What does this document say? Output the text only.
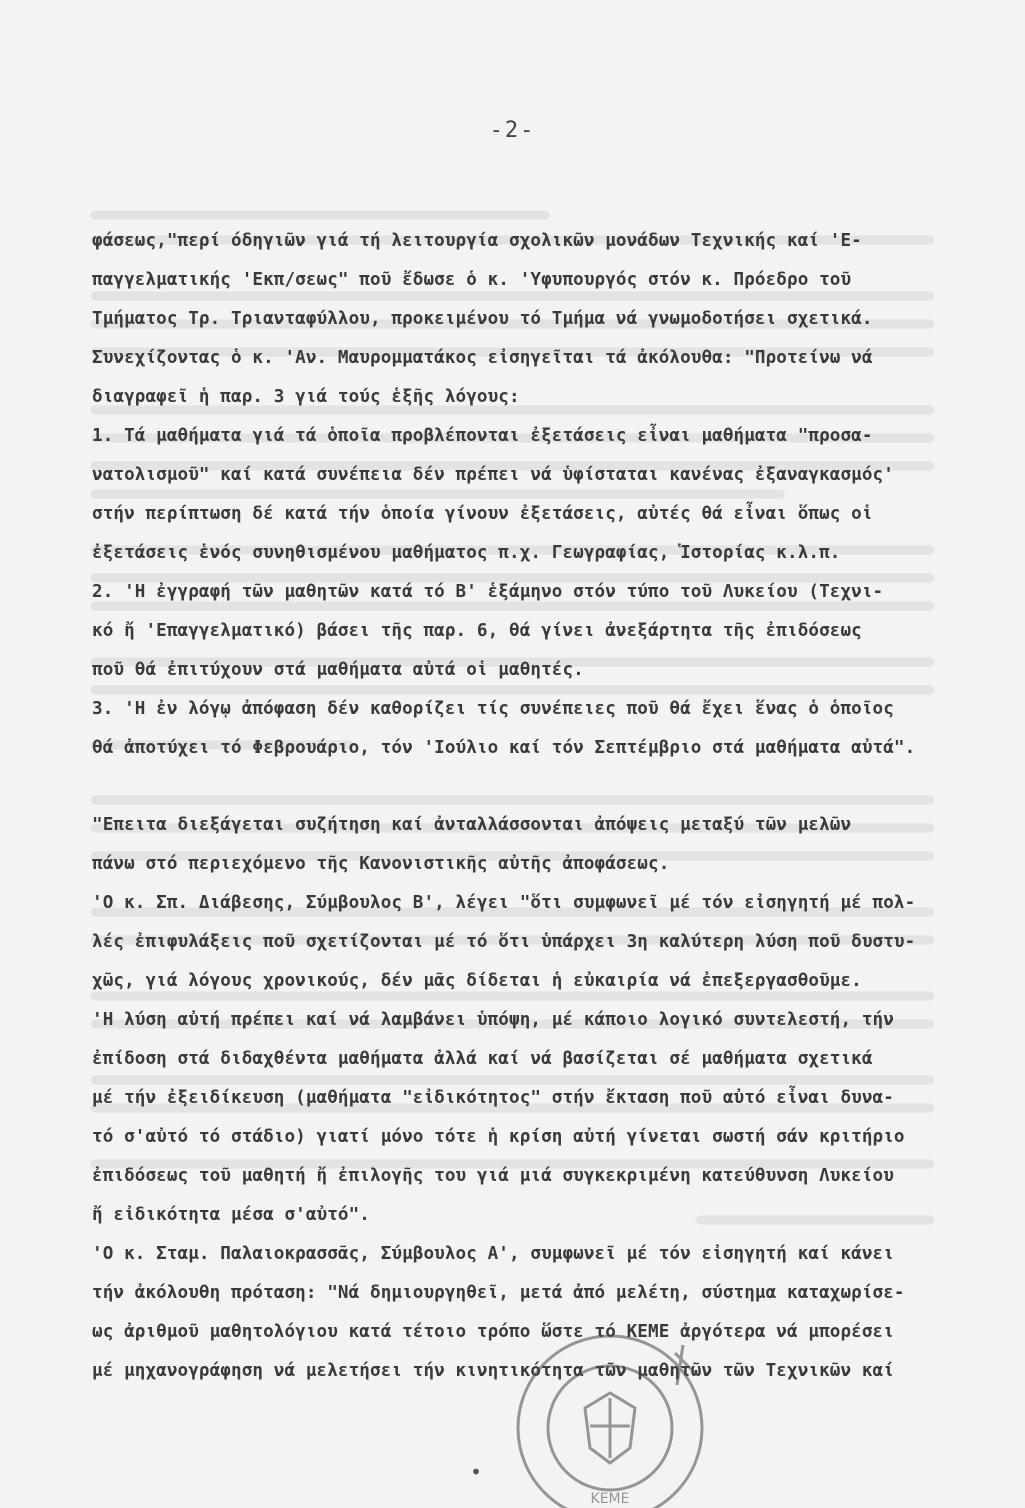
-2-
φάσεως,"περί όδηγιῶν γιά τή λειτουργία σχολικῶν μονάδων Τεχνικής καί 'Ε-
παγγελματικής 'Εκπ/σεως" ποῦ ἔδωσε ὁ κ. 'Υφυπουργός στόν κ. Πρόεδρο τοῦ
Τμήματος Τρ. Τριανταφύλλου, προκειμένου τό Τμήμα νά γνωμοδοτήσει σχετικά.
Συνεχίζοντας ὁ κ. 'Αν. Μαυρομματάκος εἰσηγεῖται τά ἀκόλουθα: "Προτείνω νά
διαγραφεῖ ἡ παρ. 3 γιά τούς ἑξῆς λόγους:
1. Τά μαθήματα γιά τά ὁποῖα προβλέπονται ἐξετάσεις εἶναι μαθήματα "προσα-
νατολισμοῦ" καί κατά συνέπεια δέν πρέπει νά ὑφίσταται κανένας ἐξαναγκασμός'
στήν περίπτωση δέ κατά τήν ὁποία γίνουν ἐξετάσεις, αὐτές θά εἶναι ὅπως οἱ
ἐξετάσεις ἑνός συνηθισμένου μαθήματος π.χ. Γεωγραφίας, Ἱστορίας κ.λ.π.
2. 'Η ἐγγραφή τῶν μαθητῶν κατά τό Β' ἑξάμηνο στόν τύπο τοῦ Λυκείου (Τεχνι-
κό ἤ 'Επαγγελματικό) βάσει τῆς παρ. 6, θά γίνει ἀνεξάρτητα τῆς ἐπιδόσεως
ποῦ θά ἐπιτύχουν στά μαθήματα αὐτά οἱ μαθητές.
3. 'Η ἐν λόγῳ ἀπόφαση δέν καθορίζει τίς συνέπειες ποῦ θά ἔχει ἕνας ὁ ὁποῖος
θά ἀποτύχει τό Φεβρουάριο, τόν 'Ιούλιο καί τόν Σεπτέμβριο στά μαθήματα αὐτά".
"Επειτα διεξάγεται συζήτηση καί ἀνταλλάσσονται ἀπόψεις μεταξύ τῶν μελῶν
πάνω στό περιεχόμενο τῆς Κανονιστικῆς αὐτῆς ἀποφάσεως.
'Ο κ. Σπ. Διάβεσης, Σύμβουλος Β', λέγει "ὅτι συμφωνεῖ μέ τόν εἰσηγητή μέ πολ-
λές ἐπιφυλάξεις ποῦ σχετίζονται μέ τό ὅτι ὑπάρχει 3η καλύτερη λύση ποῦ δυστυ-
χῶς, γιά λόγους χρονικούς, δέν μᾶς δίδεται ἡ εὐκαιρία νά ἐπεξεργασθοῦμε.
'Η λύση αὐτή πρέπει καί νά λαμβάνει ὑπόψη, μέ κάποιο λογικό συντελεστή, τήν
ἐπίδοση στά διδαχθέντα μαθήματα ἀλλά καί νά βασίζεται σέ μαθήματα σχετικά
μέ τήν ἐξειδίκευση (μαθήματα "εἰδικότητος" στήν ἔκταση ποῦ αὐτό εἶναι δυνα-
τό σ'αὐτό τό στάδιο) γιατί μόνο τότε ἡ κρίση αὐτή γίνεται σωστή σάν κριτήριο
ἐπιδόσεως τοῦ μαθητή ἤ ἐπιλογῆς του γιά μιά συγκεκριμένη κατεύθυνση Λυκείου
ἤ εἰδικότητα μέσα σ'αὐτό".
'Ο κ. Σταμ. Παλαιοκρασσᾶς, Σύμβουλος Α', συμφωνεῖ μέ τόν εἰσηγητή καί κάνει
τήν ἀκόλουθη πρόταση: "Νά δημιουργηθεῖ, μετά ἀπό μελέτη, σύστημα καταχωρίσε-
ως ἀριθμοῦ μαθητολόγιου κατά τέτοιο τρόπο ὥστε τό ΚΕΜΕ ἀργότερα νά μπορέσει
μέ μηχανογράφηση νά μελετήσει τήν κινητικότητα τῶν μαθητῶν τῶν Τεχνικῶν καί
ΚΕΜΕ
•
